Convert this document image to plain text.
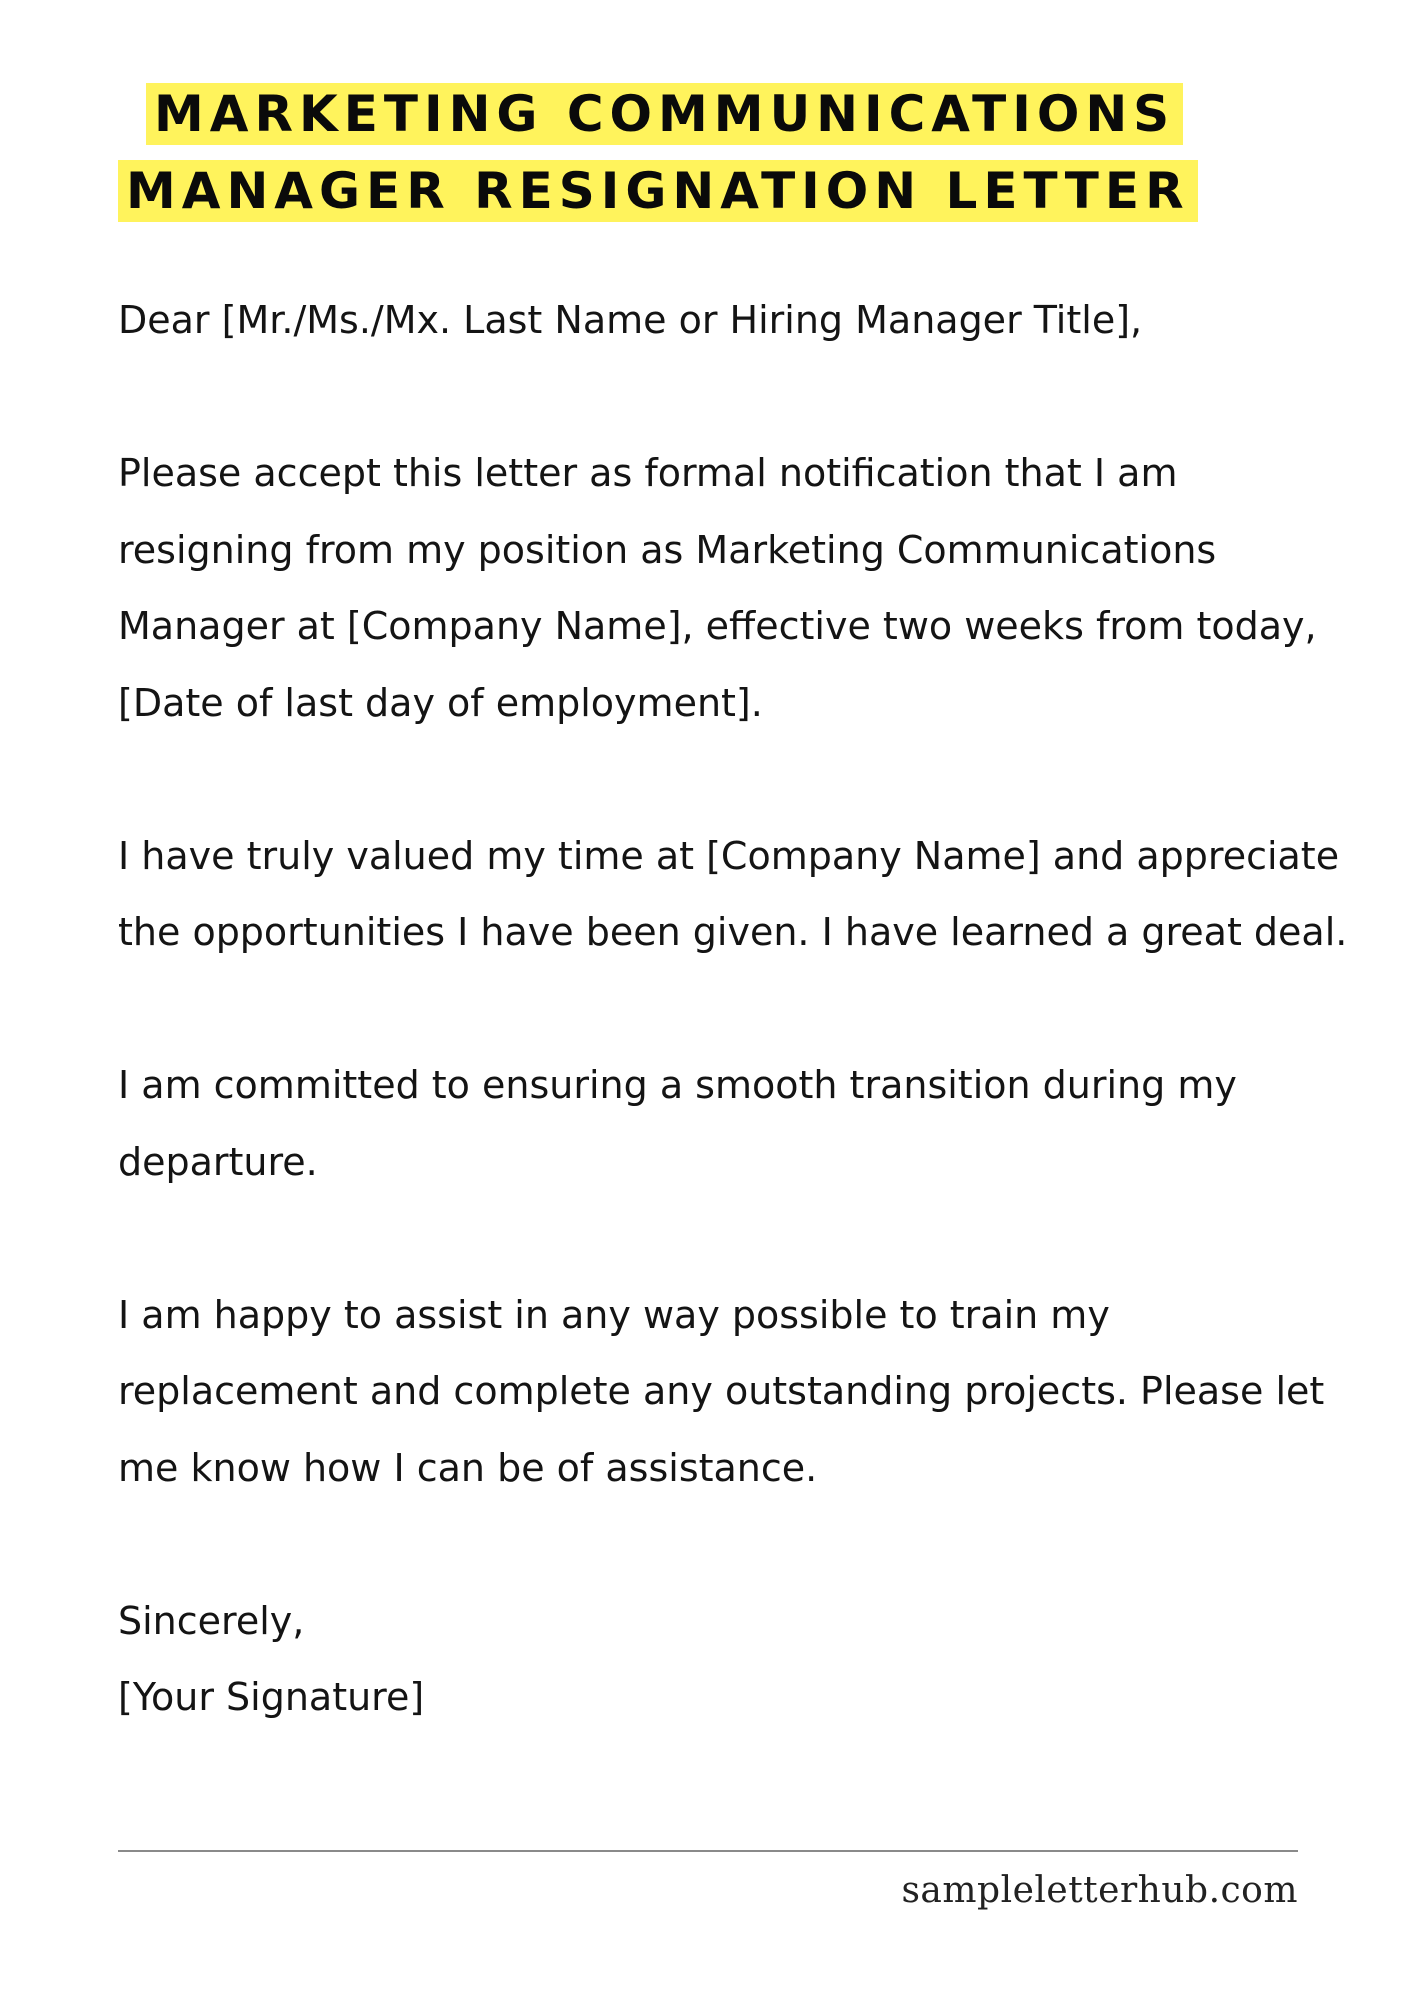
MARKETING COMMUNICATIONS
MANAGER RESIGNATION LETTER

Dear [Mr./Ms./Mx. Last Name or Hiring Manager Title],

Please accept this letter as formal notification that I am resigning from my position as Marketing Communications Manager at [Company Name], effective two weeks from today, [Date of last day of employment].

I have truly valued my time at [Company Name] and appreciate the opportunities I have been given. I have learned a great deal.

I am committed to ensuring a smooth transition during my departure.

I am happy to assist in any way possible to train my replacement and complete any outstanding projects. Please let me know how I can be of assistance.

Sincerely,

[Your Signature]

sampleletterhub.com
